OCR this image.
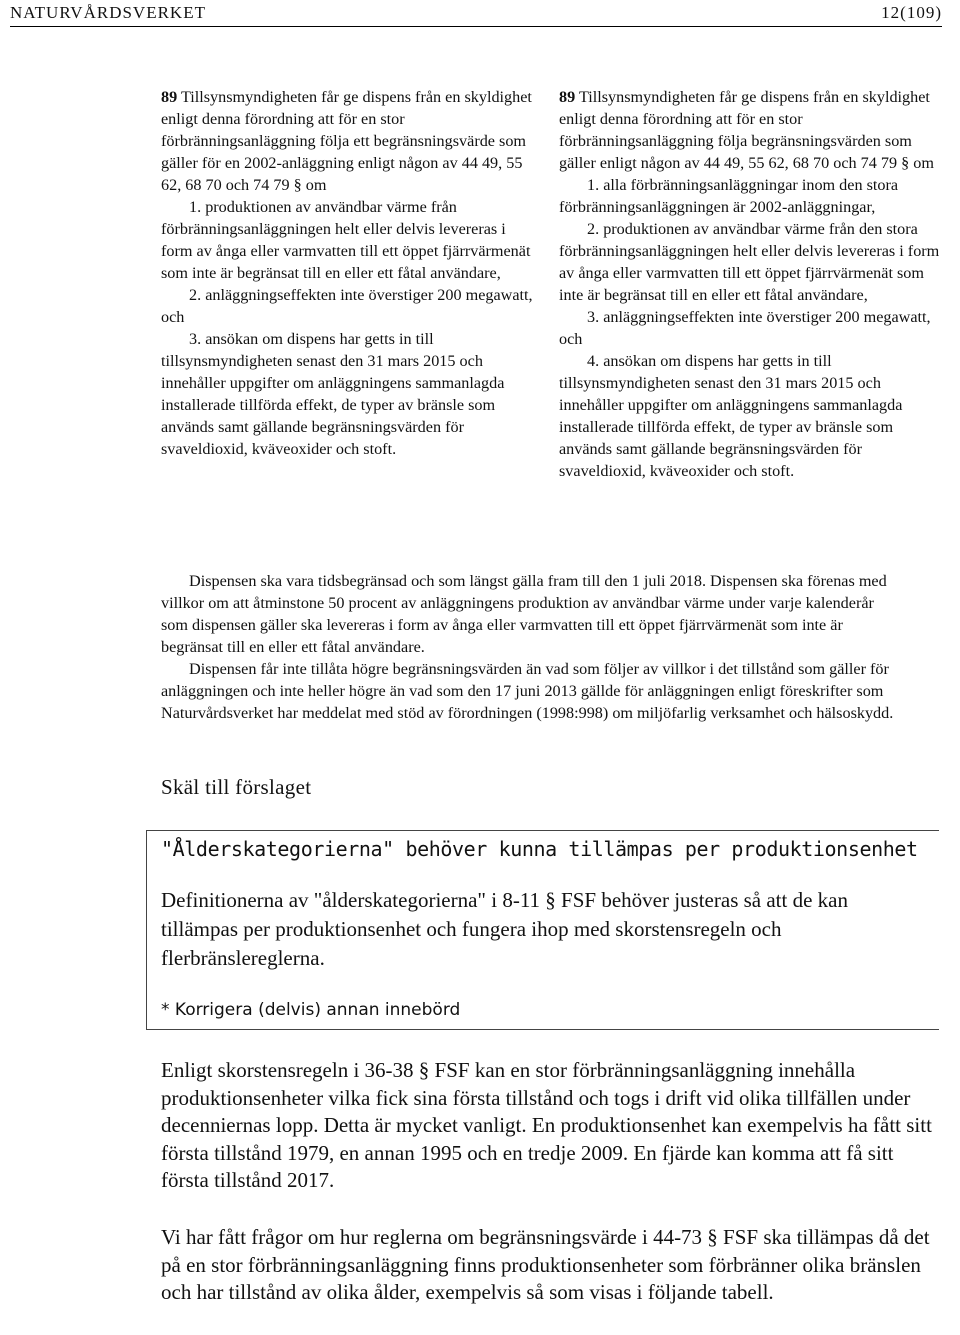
NATURVÅRDSVERKET	12(109)

89 Tillsynsmyndigheten får ge dispens från en skyldighet enligt denna förordning att för en stor förbränningsanläggning följa ett begränsningsvärde som gäller för en 2002-anläggning enligt någon av 44 49, 55 62, 68 70 och 74 79 § om

1. produktionen av användbar värme från förbränningsanläggningen helt eller delvis levereras i form av ånga eller varmvatten till ett öppet fjärrvärmenät som inte är begränsat till en eller ett fåtal användare,

2. anläggningseffekten inte överstiger 200 megawatt, och

3. ansökan om dispens har getts in till tillsynsmyndigheten senast den 31 mars 2015 och innehåller uppgifter om anläggningens sammanlagda installerade tillförda effekt, de typer av bränsle som används samt gällande begränsningsvärden för svaveldioxid, kväveoxider och stoft.

89 Tillsynsmyndigheten får ge dispens från en skyldighet enligt denna förordning att för en stor förbränningsanläggning följa begränsningsvärden som gäller enligt någon av 44 49, 55 62, 68 70 och 74 79 § om

1. alla förbränningsanläggningar inom den stora förbränningsanläggningen är 2002-anläggningar,

2. produktionen av användbar värme från den stora förbränningsanläggningen helt eller delvis levereras i form av ånga eller varmvatten till ett öppet fjärrvärmenät som inte är begränsat till en eller ett fåtal användare,

3. anläggningseffekten inte överstiger 200 megawatt, och

4. ansökan om dispens har getts in till tillsynsmyndigheten senast den 31 mars 2015 och innehåller uppgifter om anläggningens sammanlagda installerade tillförda effekt, de typer av bränsle som används samt gällande begränsningsvärden för svaveldioxid, kväveoxider och stoft.

Dispensen ska vara tidsbegränsad och som längst gälla fram till den 1 juli 2018. Dispensen ska förenas med villkor om att åtminstone 50 procent av anläggningens produktion av användbar värme under varje kalenderår som dispensen gäller ska levereras i form av ånga eller varmvatten till ett öppet fjärrvärmenät som inte är begränsat till en eller ett fåtal användare.

Dispensen får inte tillåta högre begränsningsvärden än vad som följer av villkor i det tillstånd som gäller för anläggningen och inte heller högre än vad som den 17 juni 2013 gällde för anläggningen enligt föreskrifter som Naturvårdsverket har meddelat med stöd av förordningen (1998:998) om miljöfarlig verksamhet och hälsoskydd.

Skäl till förslaget
"Ålderskategorierna" behöver kunna tillämpas per produktionsenhet
Definitionerna av "ålderskategorierna" i 8-11 § FSF behöver justeras så att de kan tillämpas per produktionsenhet och fungera ihop med skorstensregeln och flerbränslereglerna.
* Korrigera (delvis) annan innebörd
Enligt skorstensregeln i 36-38 § FSF kan en stor förbränningsanläggning innehålla produktionsenheter vilka fick sina första tillstånd och togs i drift vid olika tillfällen under decenniernas lopp. Detta är mycket vanligt. En produktionsenhet kan exempelvis ha fått sitt första tillstånd 1979, en annan 1995 och en tredje 2009. En fjärde kan komma att få sitt första tillstånd 2017.
Vi har fått frågor om hur reglerna om begränsningsvärde i 44-73 § FSF ska tillämpas då det på en stor förbränningsanläggning finns produktionsenheter som förbränner olika bränslen och har tillstånd av olika ålder, exempelvis så som visas i följande tabell.
